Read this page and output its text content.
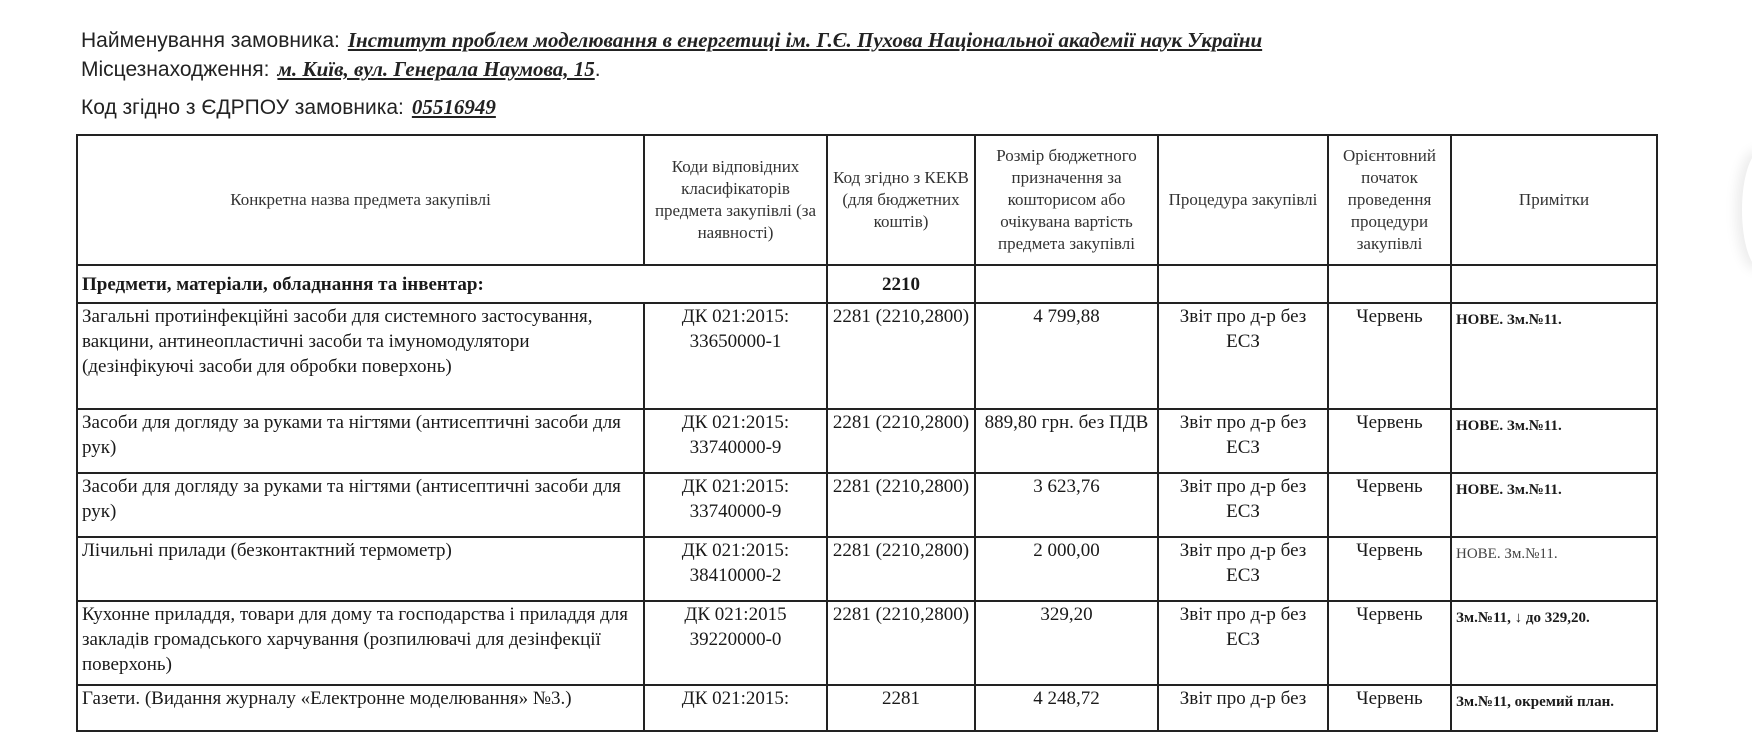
Найменування замовника: Інститут проблем моделювання в енергетиці ім. Г.Є. Пухова Національної академії наук України
Місцезнаходження: м. Київ, вул. Генерала Наумова, 15.
Код згідно з ЄДРПОУ замовника: 05516949
Конкретна назва предмета закупівлі	Коди відповідних класифікаторів предмета закупівлі (за наявності)	Код згідно з КЕКВ (для бюджетних коштів)	Розмір бюджетного призначення за кошторисом або очікувана вартість предмета закупівлі	Процедура закупівлі	Орієнтовний початок проведення процедури закупівлі	Примітки
Предмети, матеріали, обладнання та інвентар:		2210				
Загальні протиінфекційні засоби для системного застосування, вакцини, антинеопластичні засоби та імуномодулятори (дезінфікуючі засоби для обробки поверхонь)	ДК 021:2015: 33650000-1	2281 (2210,2800)	4 799,88	Звіт про д-р без ЕСЗ	Червень	НОВЕ. Зм.№11.
Засоби для догляду за руками та нігтями (антисептичні засоби для рук)	ДК 021:2015: 33740000-9	2281 (2210,2800)	889,80 грн. без ПДВ	Звіт про д-р без ЕСЗ	Червень	НОВЕ. Зм.№11.
Засоби для догляду за руками та нігтями (антисептичні засоби для рук)	ДК 021:2015: 33740000-9	2281 (2210,2800)	3 623,76	Звіт про д-р без ЕСЗ	Червень	НОВЕ. Зм.№11.
Лічильні прилади (безконтактний термометр)	ДК 021:2015: 38410000-2	2281 (2210,2800)	2 000,00	Звіт про д-р без ЕСЗ	Червень	НОВЕ. Зм.№11.
Кухонне приладдя, товари для дому та господарства і приладдя для закладів громадського харчування (розпилювачі для дезінфекції поверхонь)	ДК 021:2015 39220000-0	2281 (2210,2800)	329,20	Звіт про д-р без ЕСЗ	Червень	Зм.№11, ↓ до 329,20.
Газети. (Видання журналу «Електронне моделювання» №3.)	ДК 021:2015:	2281	4 248,72	Звіт про д-р без	Червень	Зм.№11, окремий план.
